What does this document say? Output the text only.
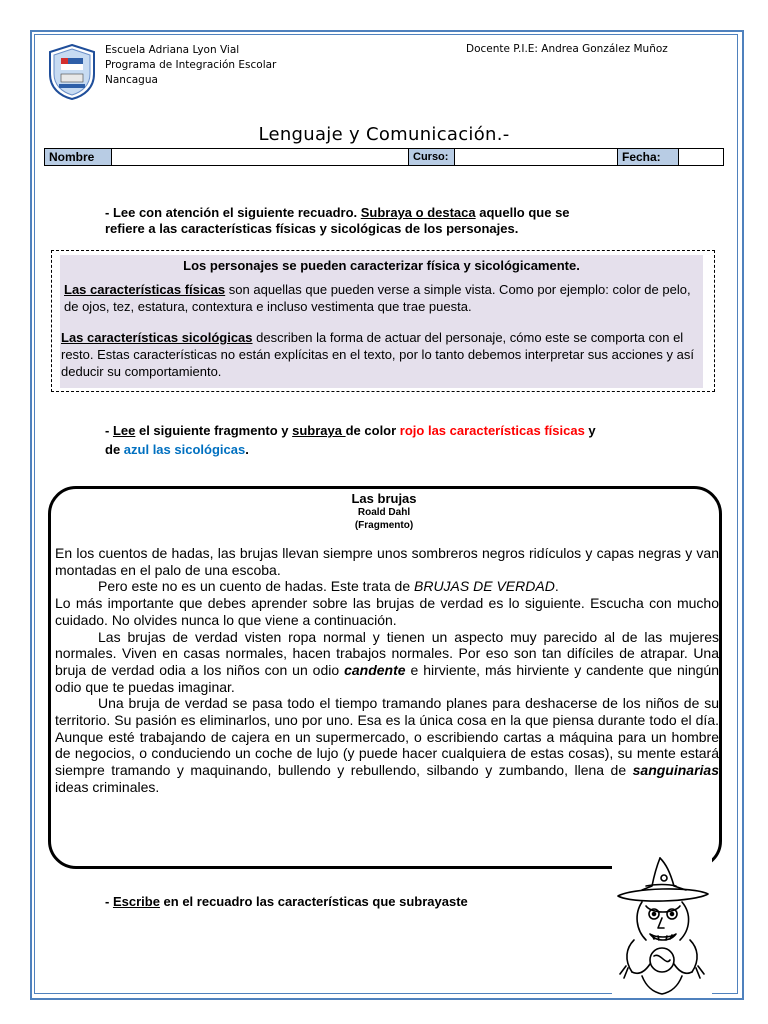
Escuela Adriana Lyon Vial
Programa de Integración Escolar
Nancagua
Docente P.I.E: Andrea González Muñoz
Lenguaje y Comunicación.-
Nombre	Curso:	Fecha:
- Lee con atención el siguiente recuadro. Subraya o destaca aquello que se
refiere a las características físicas y sicológicas de los personajes.
Los personajes se pueden caracterizar física y sicológicamente.

Las características físicas son aquellas que pueden verse a simple vista. Como por ejemplo: color de pelo, de ojos, tez, estatura, contextura e incluso vestimenta que trae puesta.

Las características sicológicas describen la forma de actuar del personaje, cómo este se comporta con el resto. Estas características no están explícitas en el texto, por lo tanto debemos interpretar sus acciones y así deducir su comportamiento.

- Lee el siguiente fragmento y subraya de color rojo las características físicas y
de azul las sicológicas.
Las brujas
Roald Dahl
(Fragmento)

En los cuentos de hadas, las brujas llevan siempre unos sombreros negros ridículos y capas negras y van montadas en el palo de una escoba.

Pero este no es un cuento de hadas. Este trata de BRUJAS DE VERDAD.

Lo más importante que debes aprender sobre las brujas de verdad es lo siguiente. Escucha con mucho cuidado. No olvides nunca lo que viene a continuación.

Las brujas de verdad visten ropa normal y tienen un aspecto muy parecido al de las mujeres normales. Viven en casas normales, hacen trabajos normales. Por eso son tan difíciles de atrapar. Una bruja de verdad odia a los niños con un odio candente e hirviente, más hirviente y candente que ningún odio que te puedas imaginar.

Una bruja de verdad se pasa todo el tiempo tramando planes para deshacerse de los niños de su territorio. Su pasión es eliminarlos, uno por uno. Esa es la única cosa en la que piensa durante todo el día. Aunque esté trabajando de cajera en un supermercado, o escribiendo cartas a máquina para un hombre de negocios, o conduciendo un coche de lujo (y puede hacer cualquiera de estas cosas), su mente estará siempre tramando y maquinando, bullendo y rebullendo, silbando y zumbando, llena de sanguinarias ideas criminales.

- Escribe en el recuadro las características que subrayaste
